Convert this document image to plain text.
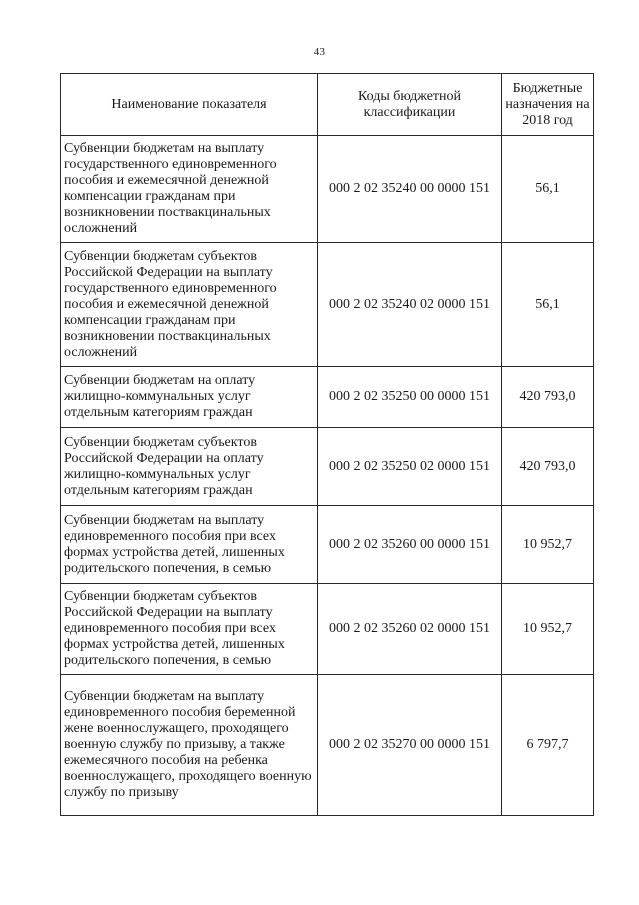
43
Наименование показателя	Коды бюджетной классификации	Бюджетные назначения на 2018 год
Субвенции бюджетам на выплату государственного единовременного пособия и ежемесячной денежной компенсации гражданам при возникновении поствакцинальных осложнений	000 2 02 35240 00 0000 151	56,1
Субвенции бюджетам субъектов Российской Федерации на выплату государственного единовременного пособия и ежемесячной денежной компенсации гражданам при возникновении поствакцинальных осложнений	000 2 02 35240 02 0000 151	56,1
Субвенции бюджетам на оплату жилищно-коммунальных услуг отдельным категориям граждан	000 2 02 35250 00 0000 151	420 793,0
Субвенции бюджетам субъектов Российской Федерации на оплату жилищно-коммунальных услуг отдельным категориям граждан	000 2 02 35250 02 0000 151	420 793,0
Субвенции бюджетам на выплату единовременного пособия при всех формах устройства детей, лишенных родительского попечения, в семью	000 2 02 35260 00 0000 151	10 952,7
Субвенции бюджетам субъектов Российской Федерации на выплату единовременного пособия при всех формах устройства детей, лишенных родительского попечения, в семью	000 2 02 35260 02 0000 151	10 952,7
Субвенции бюджетам на выплату единовременного пособия беременной жене военнослужащего, проходящего военную службу по призыву, а также ежемесячного пособия на ребенка военнослужащего, проходящего военную службу по призыву	000 2 02 35270 00 0000 151	6 797,7
